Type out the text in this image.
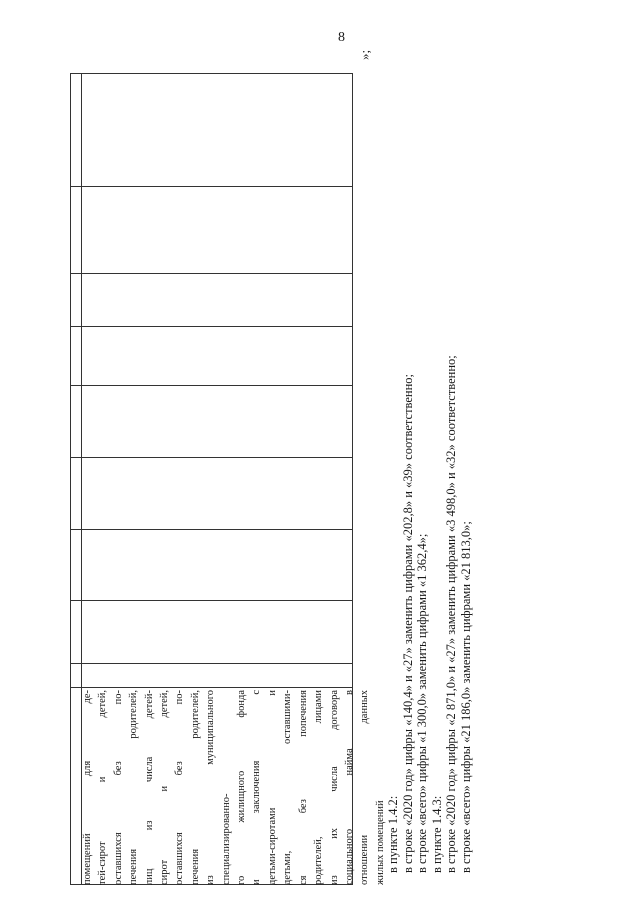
8
»;
помещений для де- тей-сирот и детей, оставшихся без по- печения родителей, лиц из числа детей- сирот и детей, оставшихся без по- печения родителей, из муниципального специализированно- го жилищного фонда и заключения с детьми-сиротами и детьми, оставшими- ся без попечения родителей, лицами из их числа договора социального найма в отношении данных жилых помещений в пункте 1.4.2: в строке «2020 год» цифры «140,4» и «27» заменить цифрами «202,8» и «39» соответственно; в строке «всего» цифры «1 300,0» заменить цифрами «1 362,4»; в пункте 1.4.3: в строке «2020 год» цифры «2 871,0» и «27» заменить цифрами «3 498,0» и «32» соответственно; в строке «всего» цифры «21 186,0» заменить цифрами «21 813,0»;
